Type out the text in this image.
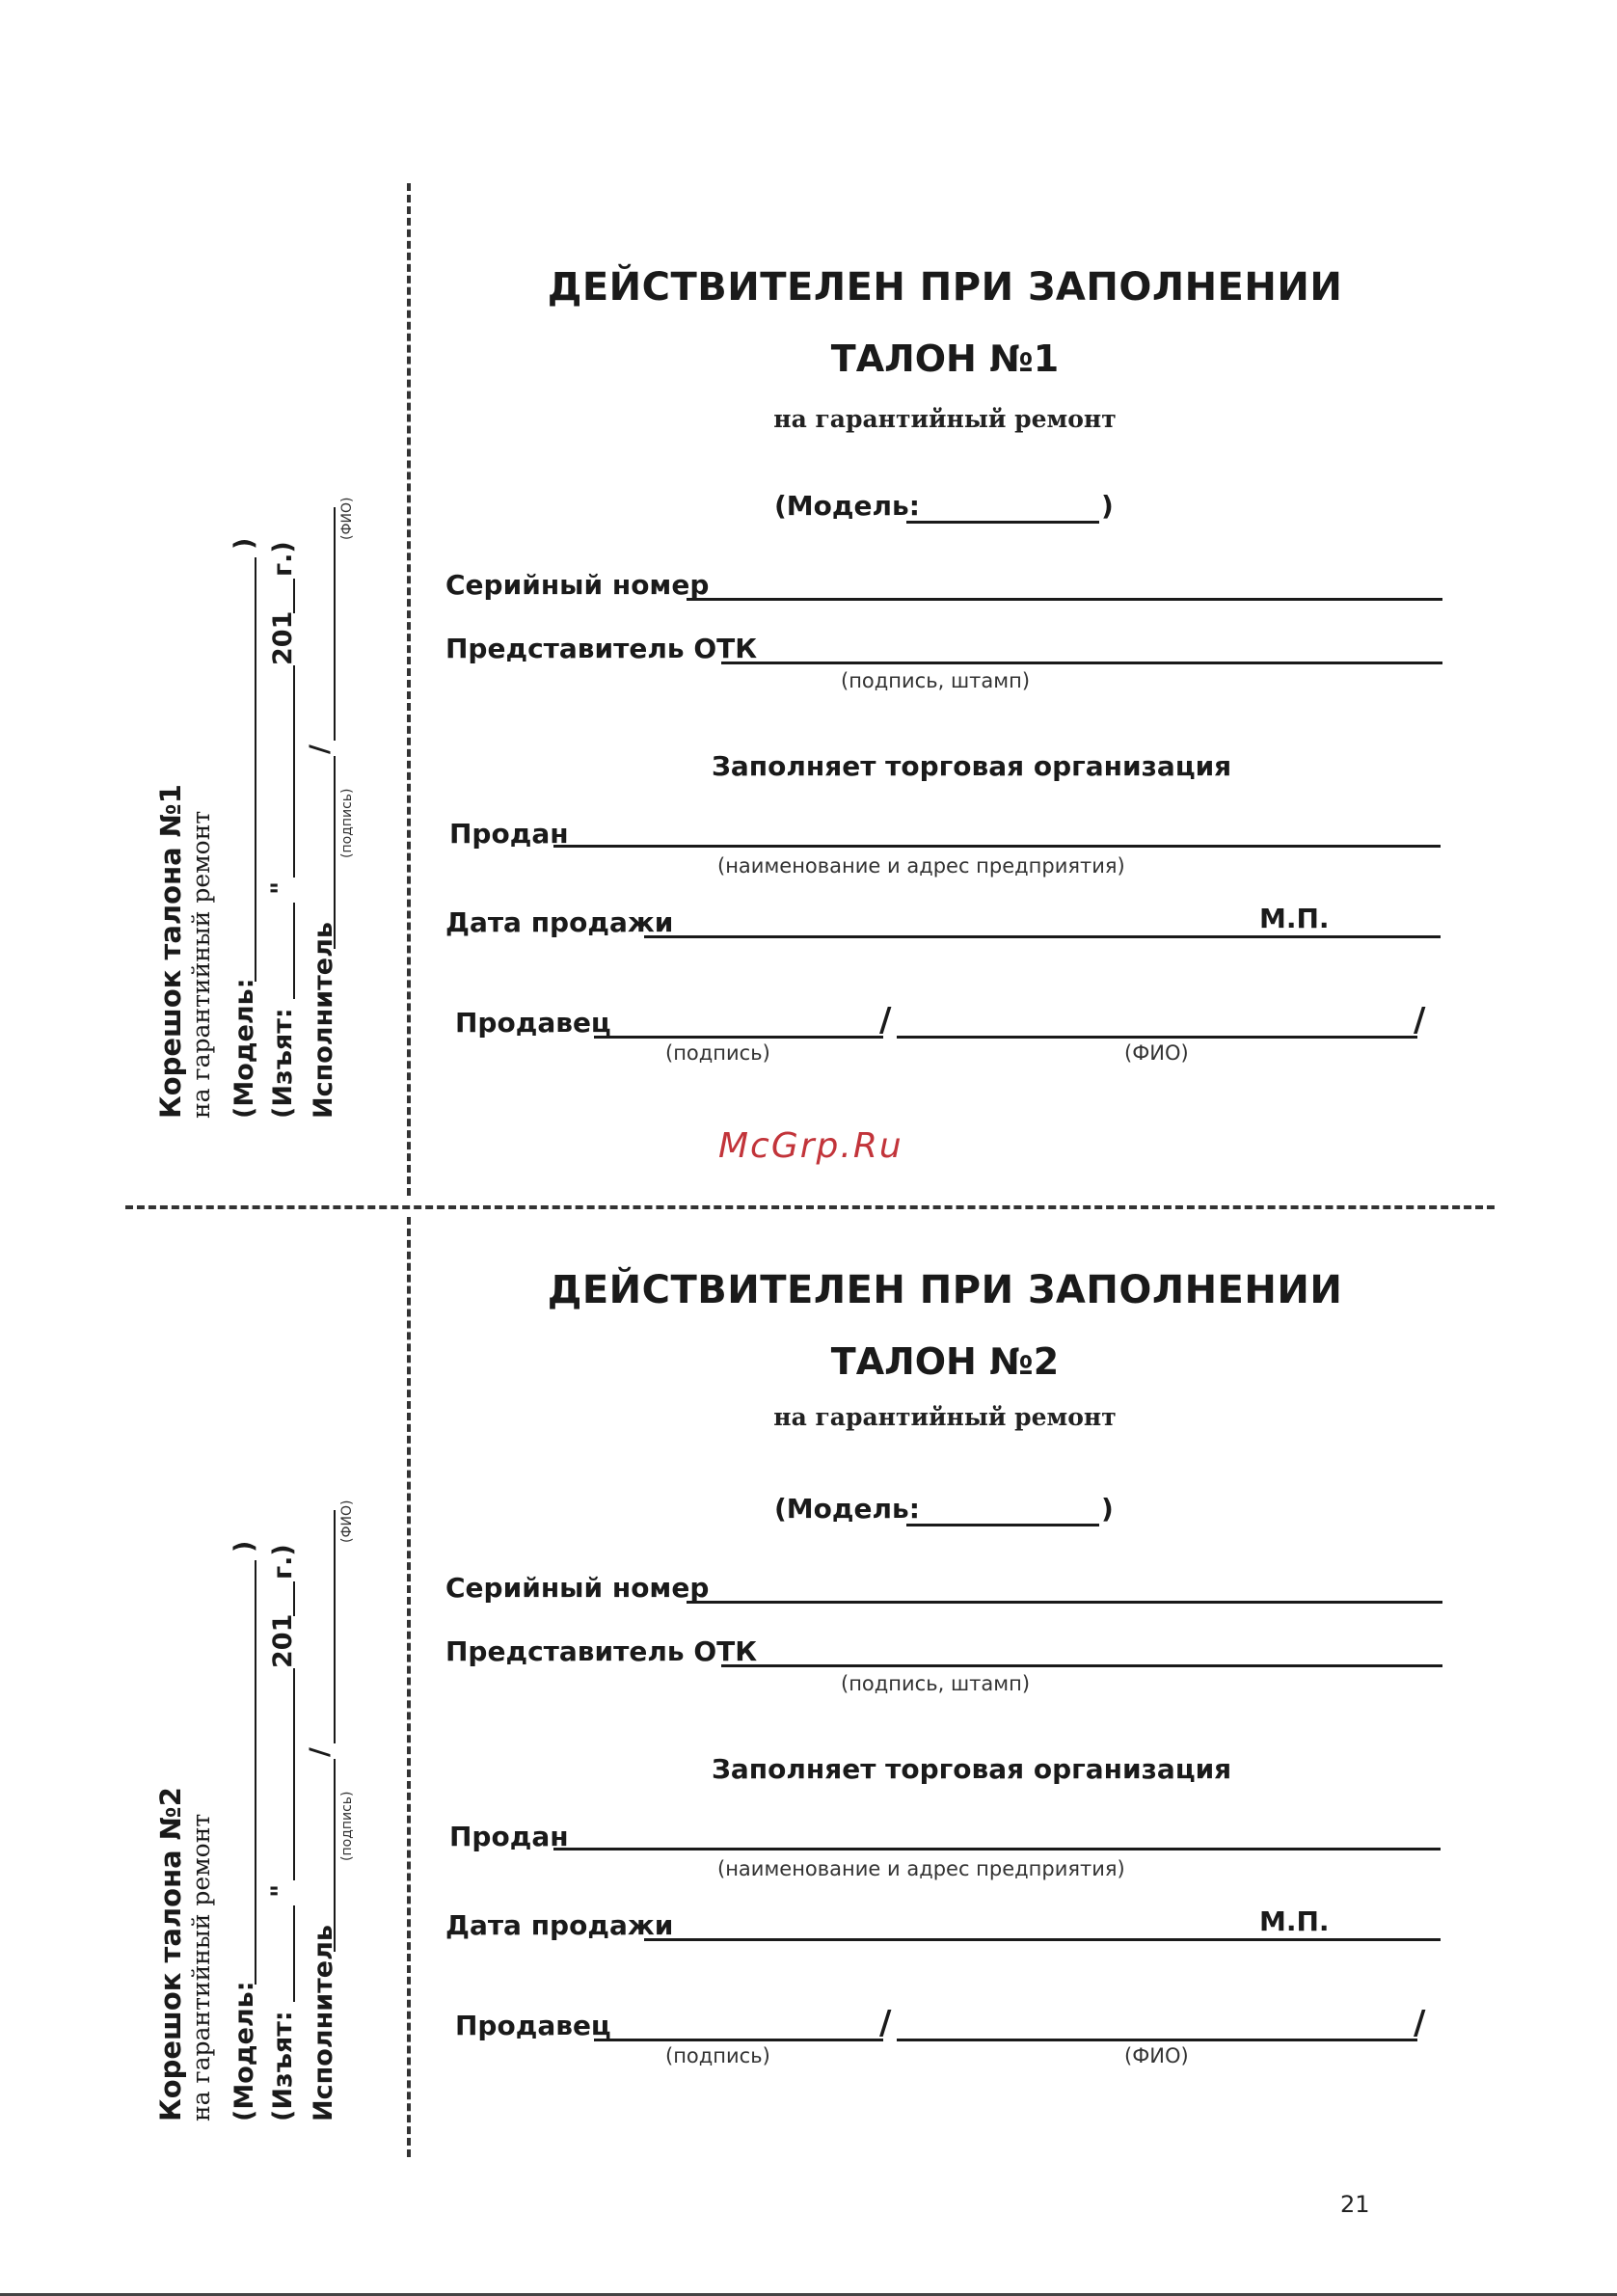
ДЕЙСТВИТЕЛЕН ПРИ ЗАПОЛНЕНИИ
ТАЛОН №1
на гарантийный ремонт
(Модель:	)
Серийный номер
Представитель ОТК
(подпись, штамп)
Заполняет торговая организация
Продан
(наименование и адрес предприятия)
Дата продажи	М.П.
Продавец	/	/
(подпись)	(ФИО)
Корешок талона №1 на гарантийный ремонт (Модель:
)
(Изъят:
"
201
г.)
Исполнитель
/
(подпись)
(ФИО)
McGrp.Ru
ДЕЙСТВИТЕЛЕН ПРИ ЗАПОЛНЕНИИ
ТАЛОН №2
на гарантийный ремонт
(Модель:	)
Серийный номер
Представитель ОТК
(подпись, штамп)
Заполняет торговая организация
Продан
(наименование и адрес предприятия)
Дата продажи	М.П.
Продавец	/	/
(подпись)	(ФИО)
Корешок талона №2 на гарантийный ремонт (Модель:
)
(Изъят:
"
201
г.)
Исполнитель
/
(подпись)
(ФИО)
21
